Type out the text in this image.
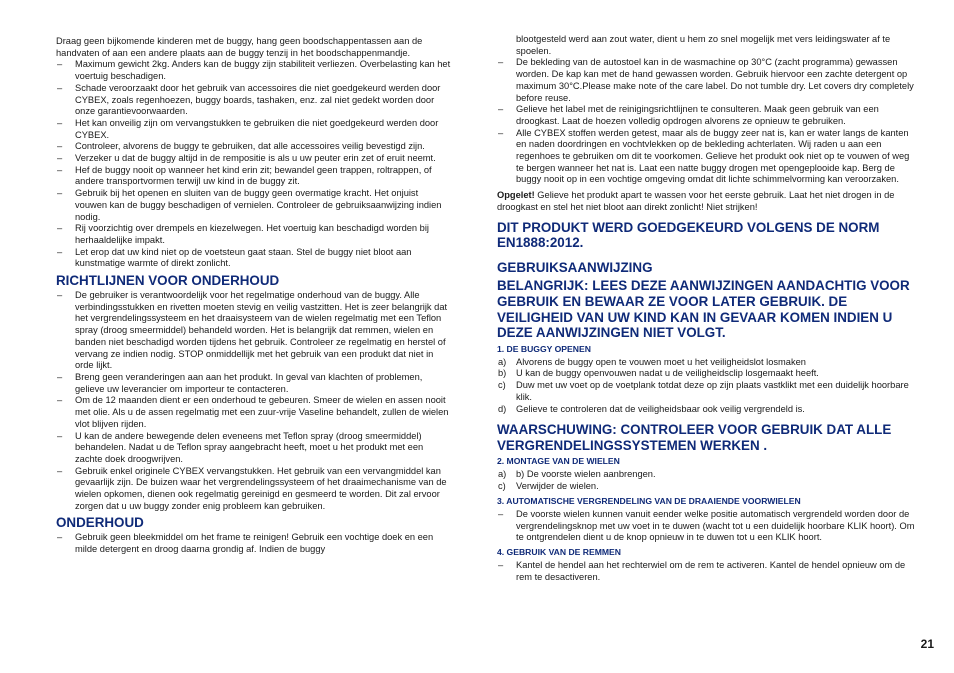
Draag geen bijkomende kinderen met de buggy, hang geen boodschappentassen aan de handvaten of aan een andere plaats aan de buggy tenzij in het boodschappenmandje.

– Maximum gewicht 2kg. Anders kan de buggy zijn stabiliteit verliezen. Overbelasting kan het voertuig beschadigen.
– Schade veroorzaakt door het gebruik van accessoires die niet goedgekeurd werden door CYBEX, zoals regenhoezen, buggy boards, tashaken, enz. zal niet gedekt worden door onze garantievoorwaarden.
– Het kan onveilig zijn om vervangstukken te gebruiken die niet goedgekeurd werden door CYBEX.
– Controleer, alvorens de buggy te gebruiken, dat alle accessoires veilig bevestigd zijn.
– Verzeker u dat de buggy altijd in de rempositie is als u uw peuter erin zet of eruit neemt.
– Hef de buggy nooit op wanneer het kind erin zit; bewandel geen trappen, roltrappen, of andere transportvormen terwijl uw kind in de buggy zit.
– Gebruik bij het openen en sluiten van de buggy geen overmatige kracht. Het onjuist vouwen kan de buggy beschadigen of vernielen. Controleer de gebruiksaanwijzing indien nodig.
– Rij voorzichtig over drempels en kiezelwegen. Het voertuig kan beschadigd worden bij herhaaldelijke impakt.
– Let erop dat uw kind niet op de voetsteun gaat staan. Stel de buggy niet bloot aan kunstmatige warmte of direkt zonlicht.
RICHTLIJNEN VOOR ONDERHOUD
– De gebruiker is verantwoordelijk voor het regelmatige onderhoud van de buggy. Alle verbindingsstukken en rivetten moeten stevig en veilig vastzitten. Het is zeer belangrijk dat het vergrendelingssysteem en het draaisysteem van de wielen regelmatig met een Teflon spray (droog smeermiddel) behandeld worden. Het is belangrijk dat remmen, wielen en banden niet beschadigd worden tijdens het gebruik. Controleer ze regelmatig en herstel of vervang ze indien nodig. STOP onmiddellijk met het gebruik van een produkt dat niet in orde lijkt.
– Breng geen veranderingen aan aan het produkt. In geval van klachten of problemen, gelieve uw leverancier om importeur te contacteren.
– Om de 12 maanden dient er een onderhoud te gebeuren. Smeer de wielen en assen nooit met olie. Als u de assen regelmatig met een zuur-vrije Vaseline behandelt, zullen de wielen vlot blijven rijden.
– U kan de andere bewegende delen eveneens met Teflon spray (droog smeermiddel) behandelen. Nadat u de Teflon spray aangebracht heeft, moet u het produkt met een zachte doek droogwrijven.
– Gebruik enkel originele CYBEX vervangstukken. Het gebruik van een vervangmiddel kan gevaarlijk zijn. De buizen waar het vergrendelingssysteem of het draaimechanisme van de wielen opkomen, dienen ook regelmatig gereinigd en gesmeerd te worden. Dit zal ervoor zorgen dat u uw buggy zonder enig probleem kan gebruiken.
ONDERHOUD
– Gebruik geen bleekmiddel om het frame te reinigen! Gebruik een vochtige doek en een milde detergent en droog daarna grondig af. Indien de buggy

blootgesteld werd aan zout water, dient u hem zo snel mogelijk met vers leidingswater af te spoelen.

– De bekleding van de autostoel kan in de wasmachine op 30°C (zacht programma) gewassen worden. De kap kan met de hand gewassen worden. Gebruik hiervoor een zachte detergent op maximum 30°C.Please make note of the care label. Do not tumble dry. Let covers dry completely before reuse.
– Gelieve het label met de reinigingsrichtlijnen te consulteren. Maak geen gebruik van een droogkast. Laat de hoezen volledig opdrogen alvorens ze opnieuw te gebruiken.
– Alle CYBEX stoffen werden getest, maar als de buggy zeer nat is, kan er water langs de kanten en naden doordringen en vochtvlekken op de bekleding achterlaten. Wij raden u aan een regenhoes te gebruiken om dit te voorkomen. Gelieve het produkt ook niet op te vouwen of weg te bergen wanneer het nat is. Laat een natte buggy drogen met opengeplooide kap. Berg de buggy nooit op in een vochtige omgeving omdat dit lichte schimmelvorming kan veroorzaken.

Opgelet! Gelieve het produkt apart te wassen voor het eerste gebruik. Laat het niet drogen in de droogkast en stel het niet bloot aan direkt zonlicht! Niet strijken!

DIT PRODUKT WERD GOEDGEKEURD VOLGENS DE NORM EN1888:2012.
GEBRUIKSAANWIJZING
BELANGRIJK: LEES DEZE AANWIJZINGEN AANDACHTIG VOOR GEBRUIK EN BEWAAR ZE VOOR LATER GEBRUIK. DE VEILIGHEID VAN UW KIND KAN IN GEVAAR KOMEN INDIEN U DEZE AANWIJZINGEN NIET VOLGT.
1. DE BUGGY OPENEN
a) Alvorens de buggy open te vouwen moet u het veiligheidslot losmaken
b) U kan de buggy openvouwen nadat u de veiligheidsclip losgemaakt heeft.
c) Duw met uw voet op de voetplank totdat deze op zijn plaats vastklikt met een duidelijk hoorbare klik.
d) Gelieve te controleren dat de veiligheidsbaar ook veilig vergrendeld is.
WAARSCHUWING: CONTROLEER VOOR GEBRUIK DAT ALLE VERGRENDELINGSSYSTEMEN WERKEN .
2. MONTAGE VAN DE WIELEN
a) b) De voorste wielen aanbrengen.
c) Verwijder de wielen.
3. AUTOMATISCHE VERGRENDELING VAN DE DRAAIENDE VOORWIELEN
– De voorste wielen kunnen vanuit eender welke positie automatisch vergrendeld worden door de vergrendelingsknop met uw voet in te duwen (wacht tot u een duidelijk hoorbare KLIK hoort). Om te ontgrendelen dient u de knop opnieuw in te duwen tot u een KLIK hoort.
4. GEBRUIK VAN DE REMMEN
– Kantel de hendel aan het rechterwiel om de rem te activeren. Kantel de hendel opnieuw om de rem te desactiveren.
21
